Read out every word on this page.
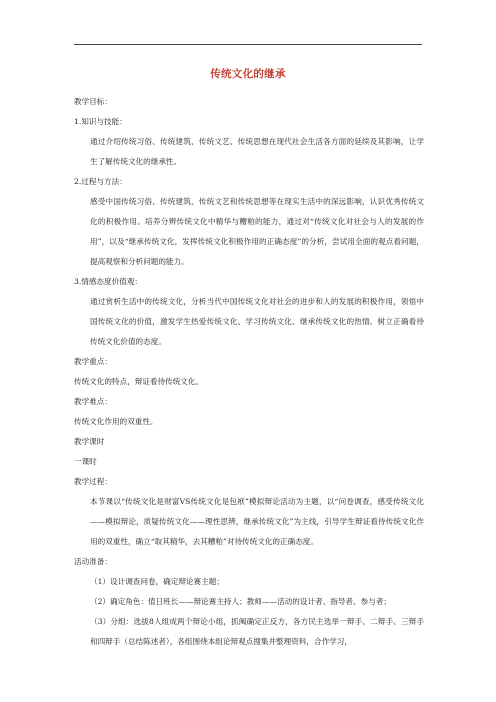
传统文化的继承
教学目标：
1.知识与技能：
通过介绍传统习俗、传统建筑、传统文艺、传统思想在现代社会生活各方面的延续及其影响，让学生了解传统文化的继承性。
2.过程与方法：
感受中国传统习俗、传统建筑、传统文艺和传统思想等在现实生活中的深远影响，认识优秀传统文化的积极作用。培养分辨传统文化中精华与糟粕的能力，通过对“传统文化对社会与人的发展的作用”，以及“继承传统文化，发挥传统文化积极作用的正确态度”的分析，尝试用全面的观点看问题，提高观察和分析问题的能力。
3.情感态度价值观：
通过赏析生活中的传统文化，分析当代中国传统文化对社会的进步和人的发展的积极作用，领悟中国传统文化的价值，激发学生热爱传统文化、学习传统文化、继承传统文化的热情。树立正确看待传统文化价值的态度。
教学重点：
传统文化的特点，辩证看待传统文化。
教学难点：
传统文化作用的双重性。
教学课时
一课时
教学过程：
本节课以“传统文化是财富VS传统文化是包袱”模拟辩论活动为主题，以“问卷调查，感受传统文化——模拟辩论，质疑传统文化——理性思辨，继承传统文化”为主线，引导学生辩证看待传统文化作用的双重性，确立“取其精华，去其糟粕”对待传统文化的正确态度。
活动准备：
（1）设计调查问卷，确定辩论赛主题；
（2）确定角色：值日班长——辩论赛主持人；教师——活动的设计者、指导者、参与者；
（3）分组：选拔8人组成两个辩论小组，抓阄确定正反方，各方民主选举一辩手、二辩手、三辩手和四辩手（总结陈述者），各组围绕本组论辩观点搜集并整理资料，合作学习，
